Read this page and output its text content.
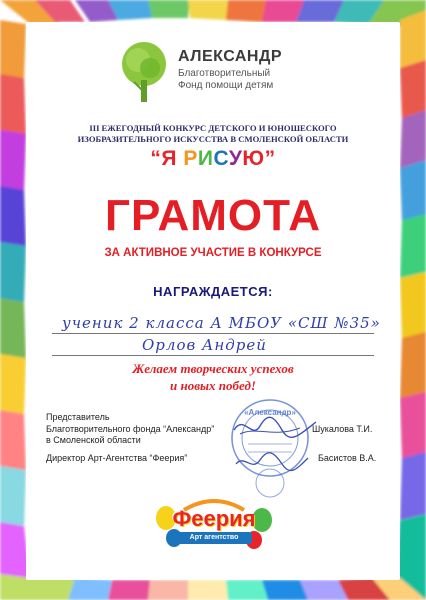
АЛЕКСАНДР
Благотворительный
Фонд помощи детям
III ЕЖЕГОДНЫЙ КОНКУРС ДЕТСКОГО И ЮНОШЕСКОГО
ИЗОБРАЗИТЕЛЬНОГО ИСКУССТВА В СМОЛЕНСКОЙ ОБЛАСТИ
“Я РИСУЮ”
ГРАМОТА
ЗА АКТИВНОЕ УЧАСТИЕ В КОНКУРСЕ
НАГРАЖДАЕТСЯ:
ученик 2 класса А МБОУ «СШ №35»
Орлов Андрей
Желаем творческих успехов
и новых побед!
Представитель
Благотворительного фонда “Александр”
в Смоленской области
Шукалова Т.И.
Директор Арт-Агентства “Феерия”	Басистов В.А.
«Александр»
Феерия
Арт агентство
